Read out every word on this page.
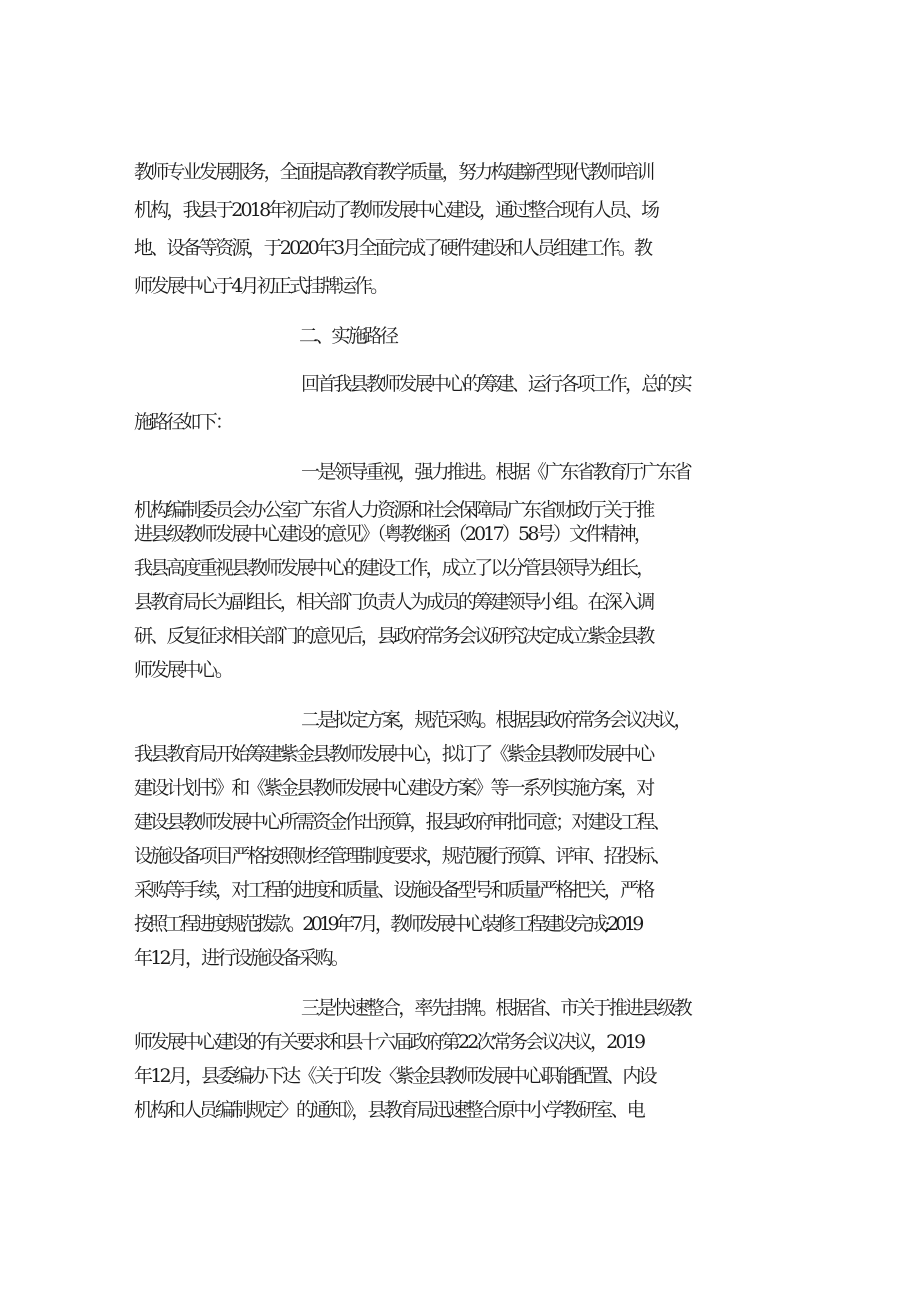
教师专业发展服务，全面提高教育教学质量，努力构建新型现代教师培训
机构，我县于2018年初启动了教师发展中心建设，通过整合现有人员、场
地、设备等资源，于2020年3月全面完成了硬件建设和人员组建工作。教
师发展中心于4月初正式挂牌运作。
二、实施路径
回首我县教师发展中心的筹建、运行各项工作，总的实
施路径如下：
一是领导重视，强力推进。根据《广东省教育厅广东省
机构编制委员会办公室广东省人力资源和社会保障局广东省财政厅关于推
进县级教师发展中心建设的意见》（粤教继函（2017）58号）文件精神，
我县高度重视县教师发展中心的建设工作，成立了以分管县领导为组长，
县教育局长为副组长，相关部门负责人为成员的筹建领导小组。在深入调
研、反复征求相关部门的意见后，县政府常务会议研究决定成立紫金县教
师发展中心。
二是拟定方案，规范采购。根据县政府常务会议决议，
我县教育局开始筹建紫金县教师发展中心，拟订了《紫金县教师发展中心
建设计划书》和《紫金县教师发展中心建设方案》等一系列实施方案，对
建设县教师发展中心所需资金作出预算，报县政府审批同意；对建设工程、
设施设备项目严格按照财经管理制度要求，规范履行预算、评审、招投标、
采购等手续，对工程的进度和质量、设施设备型号和质量严格把关，严格
按照工程进度规范拨款。2019年7月，教师发展中心装修工程建设完成;2019
年12月，进行设施设备采购。
三是快速整合，率先挂牌。根据省、市关于推进县级教
师发展中心建设的有关要求和县十六届政府第22次常务会议决议，2019
年12月，县委编办下达《关于印发〈紫金县教师发展中心职能配置、内设
机构和人员编制规定〉的通知》，县教育局迅速整合原中小学教研室、电
